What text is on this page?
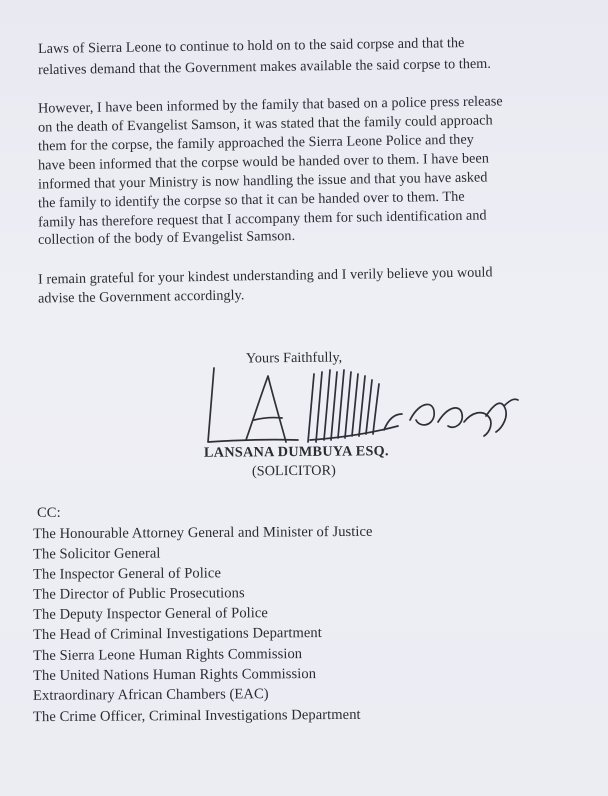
Laws of Sierra Leone to continue to hold on to the said corpse and that the
relatives demand that the Government makes available the said corpse to them.
However, I have been informed by the family that based on a police press release
on the death of Evangelist Samson, it was stated that the family could approach
them for the corpse, the family approached the Sierra Leone Police and they
have been informed that the corpse would be handed over to them. I have been
informed that your Ministry is now handling the issue and that you have asked
the family to identify the corpse so that it can be handed over to them. The
family has therefore request that I accompany them for such identification and
collection of the body of Evangelist Samson.
I remain grateful for your kindest understanding and I verily believe you would
advise the Government accordingly.
Yours Faithfully,
LANSANA DUMBUYA ESQ.
(SOLICITOR)
CC:
The Honourable Attorney General and Minister of Justice
The Solicitor General
The Inspector General of Police
The Director of Public Prosecutions
The Deputy Inspector General of Police
The Head of Criminal Investigations Department
The Sierra Leone Human Rights Commission
The United Nations Human Rights Commission
Extraordinary African Chambers (EAC)
The Crime Officer, Criminal Investigations Department
